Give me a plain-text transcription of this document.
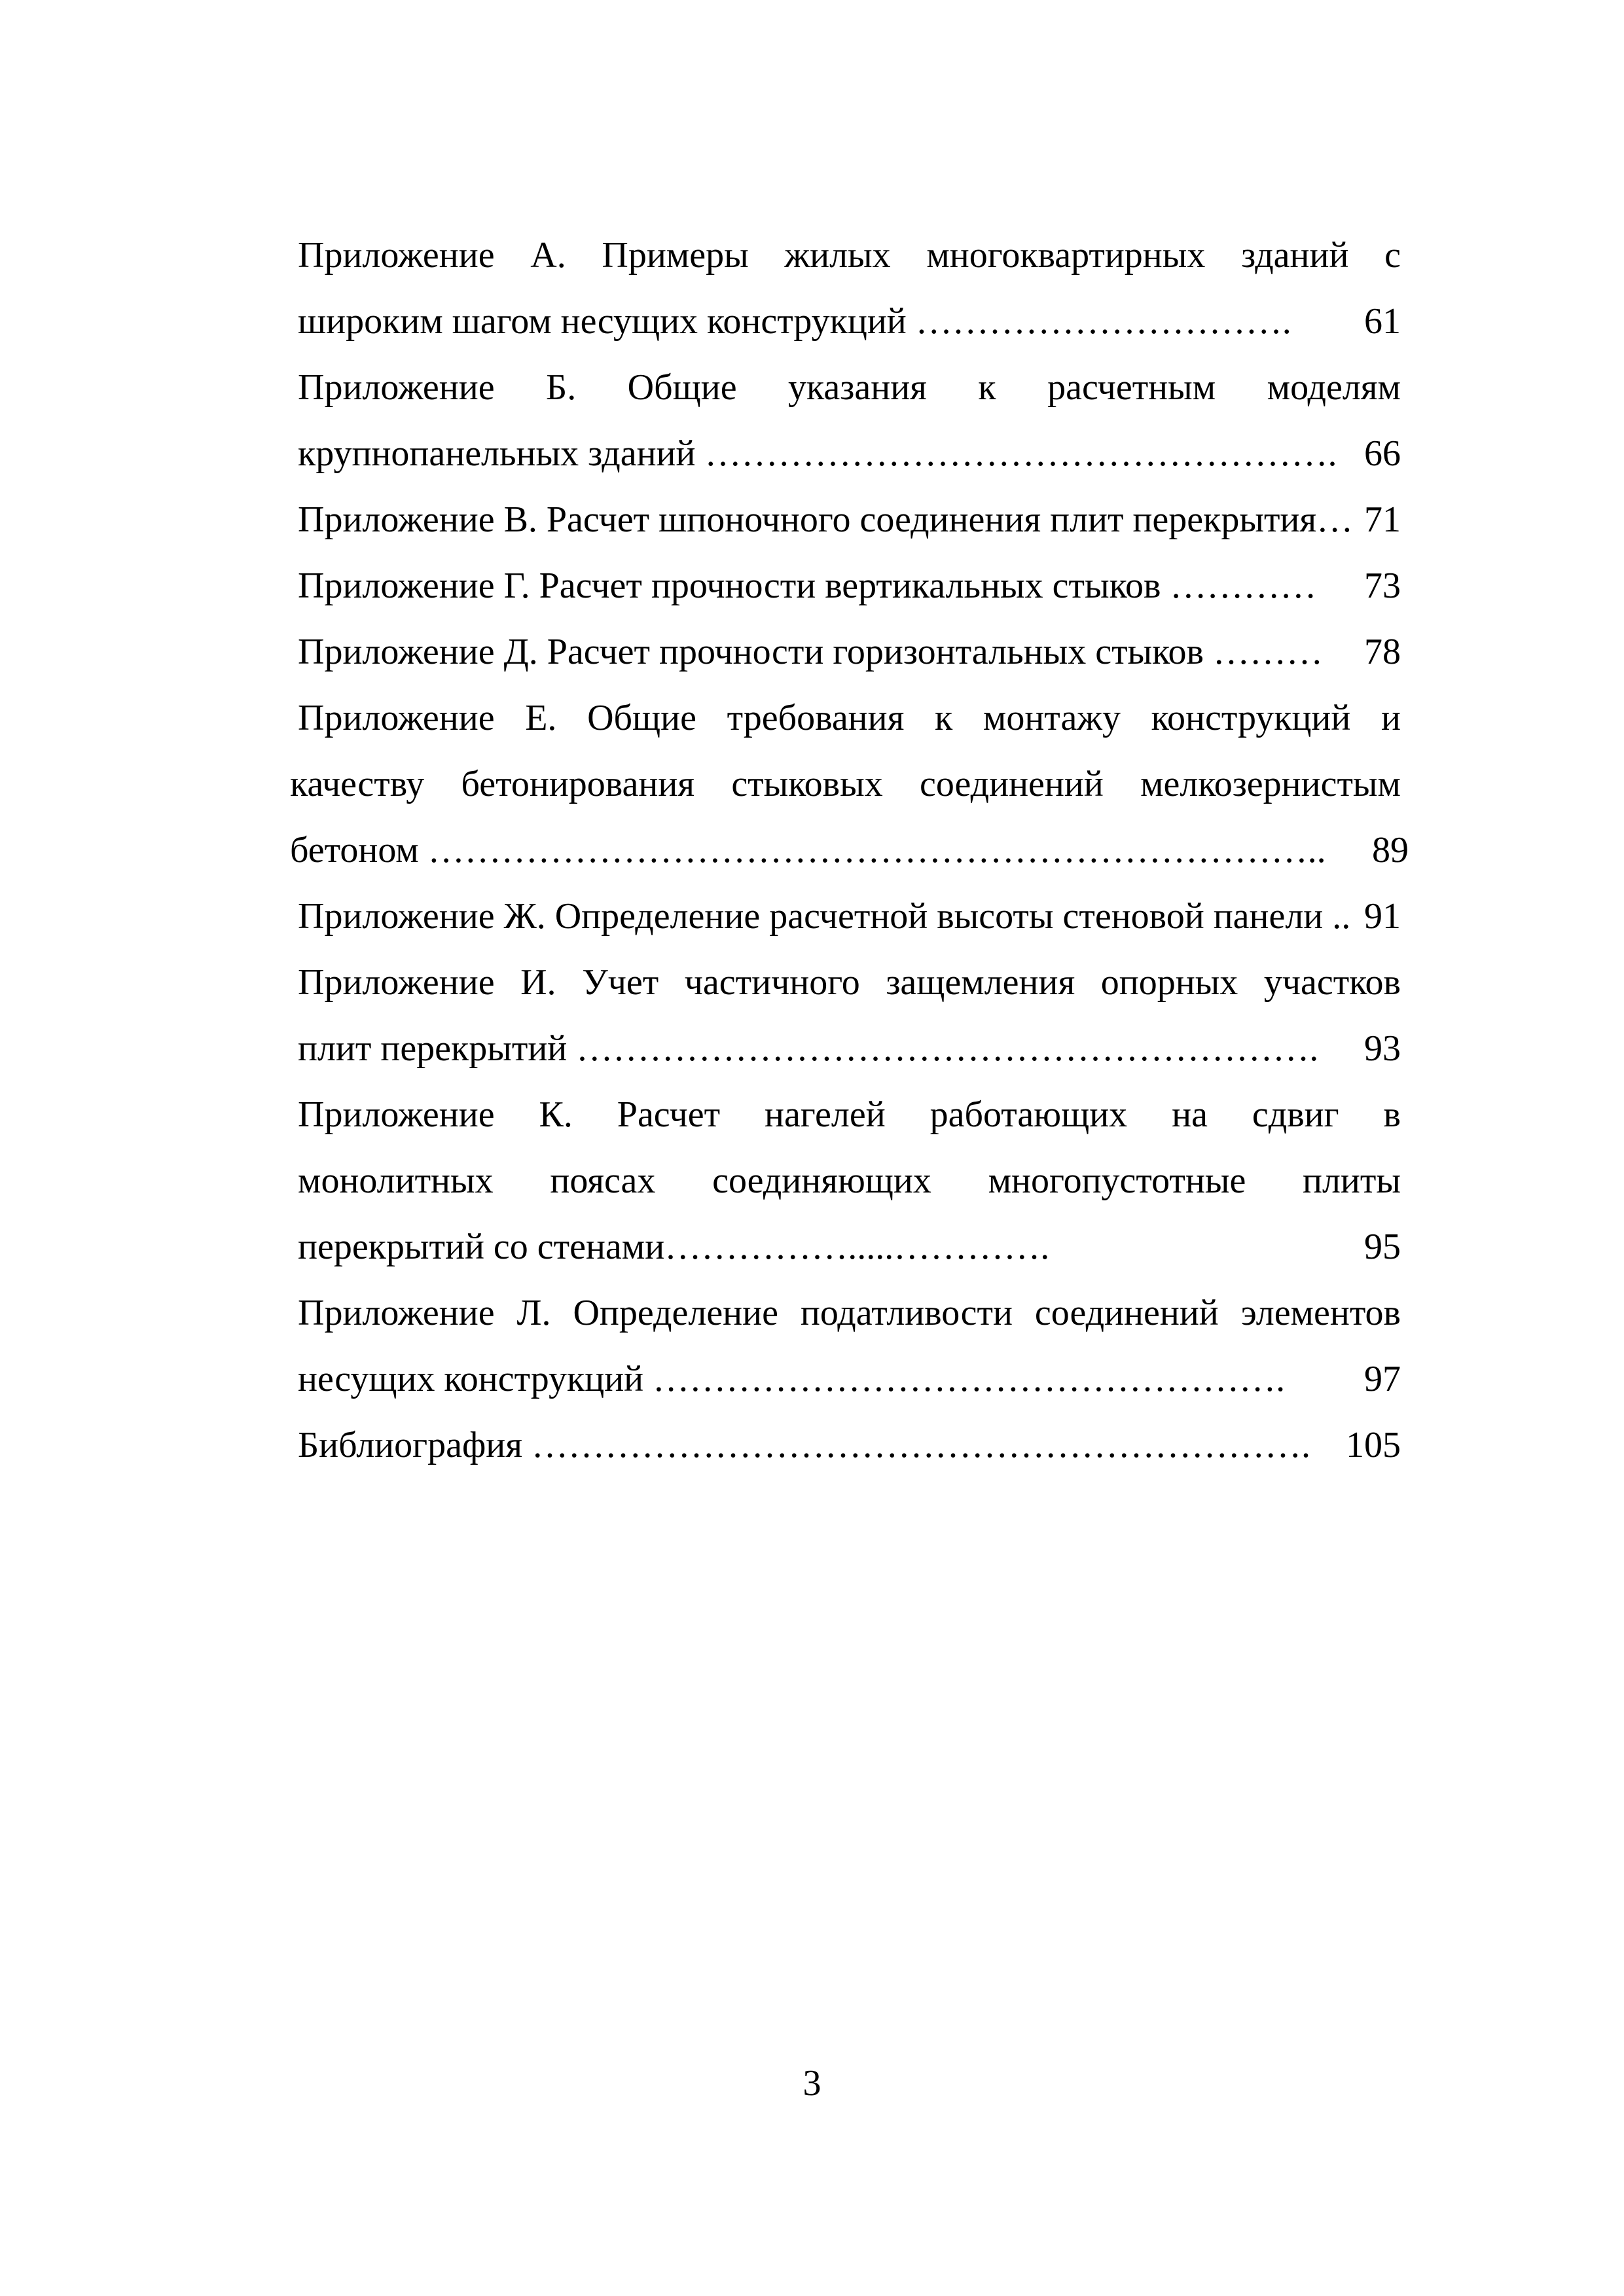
Приложение А. Примеры жилых многоквартирных зданий с
широким шагом несущих конструкций ………………………….	61
Приложение Б. Общие указания к расчетным моделям
крупнопанельных зданий ……………………………………………. 66
Приложение В. Расчет шпоночного соединения плит перекрытия… 71
Приложение Г. Расчет прочности вертикальных стыков …………	73
Приложение Д. Расчет прочности горизонтальных стыков ………	78
Приложение Е. Общие требования к монтажу конструкций и
качеству бетонирования стыковых соединений мелкозернистым
бетоном ………………………………………………………………..	89
Приложение Ж. Определение расчетной высоты стеновой панели .. 91
Приложение И. Учет частичного защемления опорных участков
плит перекрытий …………………………………………………….	93
Приложение К. Расчет нагелей работающих на сдвиг в
монолитных поясах соединяющих многопустотные плиты
перекрытий со стенами…………….....………….	95
Приложение Л. Определение податливости соединений элементов
несущих конструкций …………………………………………….	97
Библиография ………………………………………………………. 105
3
